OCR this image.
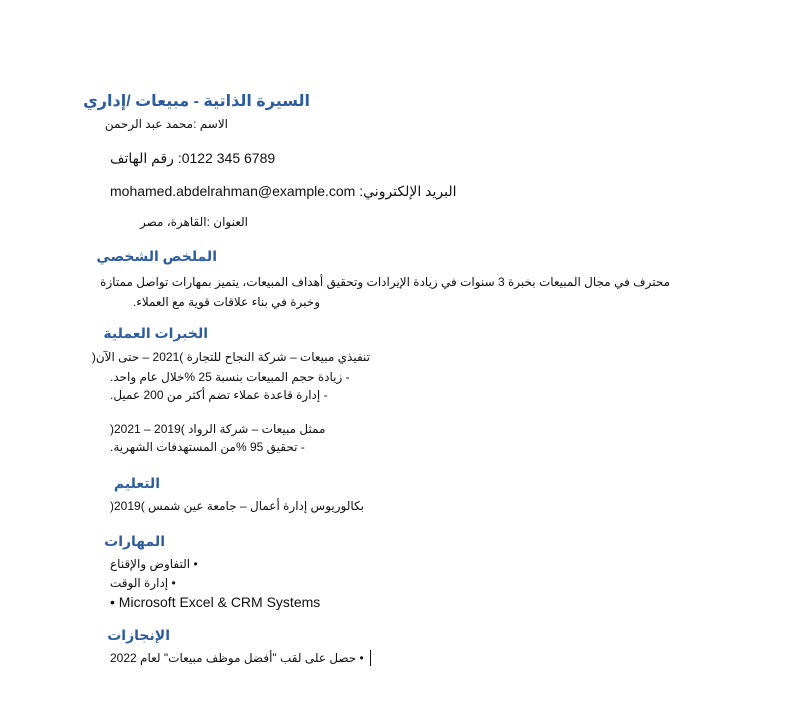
السيرة الذاتية - مبيعات /إداري
الاسم :محمد عبد الرحمن
6789 345 0122: رقم الهاتف
البريد الإلكتروني: mohamed.abdelrahman@example.com
العنوان :القاهرة، مصر
الملخص الشخصي
محترف في مجال المبيعات بخبرة 3 سنوات في زيادة الإيرادات وتحقيق أهداف المبيعات، يتميز بمهارات تواصل ممتازة
وخبرة في بناء علاقات قوية مع العملاء.
الخبرات العملية
تنفيذي مبيعات – شركة النجاح للتجارة )2021 – حتى الآن(
- زيادة حجم المبيعات بنسبة 25 %خلال عام واحد.
- إدارة قاعدة عملاء تضم أكثر من 200 عميل.
ممثل مبيعات – شركة الرواد )2019 – 2021(
- تحقيق 95 %من المستهدفات الشهرية.
التعليم
بكالوريوس إدارة أعمال – جامعة عين شمس )2019(
المهارات
• التفاوض والإقناع
• إدارة الوقت
• Microsoft Excel & CRM Systems
الإنجازات
• حصل على لقب "أفضل موظف مبيعات" لعام 2022
